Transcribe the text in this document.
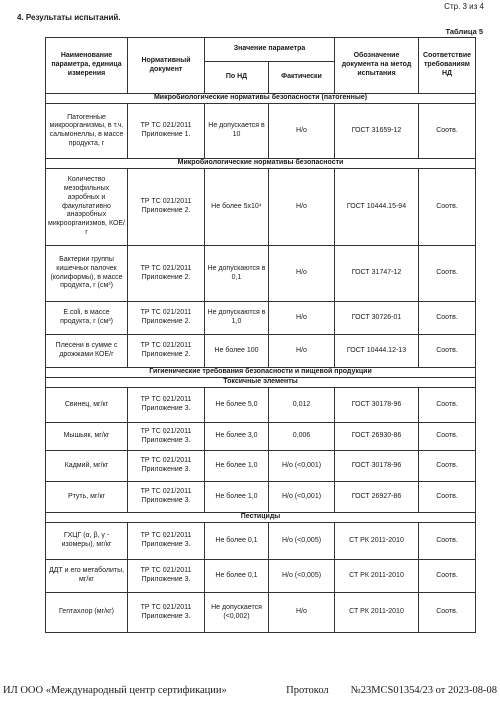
Стр. 3 из 4
4. Результаты испытаний.
Таблица 5
Наименование параметра, единица измерения	Нормативный документ	Значение параметра		Обозначение документа на метод испытания	Соответствие требованиям НД
		По НД	Фактически		
Микробиологические нормативы безопасности (патогенные)					
Патогенные микроорганизмы, в т.ч. сальмонеллы, в массе продукта, г	ТР ТС 021/2011 Приложение 1.	Не допускается в 10	Н/о	ГОСТ 31659-12	Соотв.
Микробиологические нормативы безопасности					
Количество мезофильных аэробных и факультативно анаэробных микроорганизмов, КОЕ/г	ТР ТС 021/2011 Приложение 2.	Не более 5x10⁴	Н/о	ГОСТ 10444.15-94	Соотв.
Бактерии группы кишечных палочек (колиформы), в массе продукта, г (см³)	ТР ТС 021/2011 Приложение 2.	Не допускаются в 0,1	Н/о	ГОСТ 31747-12	Соотв.
E.coli, в массе продукта, г (см³)	ТР ТС 021/2011 Приложение 2.	Не допускаются в 1,0	Н/о	ГОСТ 30726-01	Соотв.
Плесени в сумме с дрожжами КОЕ/г	ТР ТС 021/2011 Приложение 2.	Не более 100	Н/о	ГОСТ 10444.12-13	Соотв.
Гигиенические требования безопасности и пищевой продукции					
Токсичные элементы					
Свинец, мг/кг	ТР ТС 021/2011 Приложение 3.	Не более 5,0	0,012	ГОСТ 30178-96	Соотв.
Мышьяк, мг/кг	ТР ТС 021/2011 Приложение 3.	Не более 3,0	0,006	ГОСТ 26930-86	Соотв.
Кадмий, мг/кг	ТР ТС 021/2011 Приложение 3.	Не более 1,0	Н/о (<0,001)	ГОСТ 30178-96	Соотв.
Ртуть, мг/кг	ТР ТС 021/2011 Приложение 3.	Не более 1,0	Н/о (<0,001)	ГОСТ 26927-86	Соотв.
Пестициды					
ГХЦГ (α, β, γ - изомеры), мг/кг	ТР ТС 021/2011 Приложение 3.	Не более 0,1	Н/о (<0,005)	СТ РК 2011-2010	Соотв.
ДДТ и его метаболиты, мг/кг	ТР ТС 021/2011 Приложение 3.	Не более 0,1	Н/о (<0,005)	СТ РК 2011-2010	Соотв.
Гептахлор (мг/кг)	ТР ТС 021/2011 Приложение 3.	Не допускается (<0,002)	Н/о	СТ РК 2011-2010	Соотв.
ИЛ ООО «Международный центр сертификации»	Протокол №23MCS01354/23 от 2023-08-08
